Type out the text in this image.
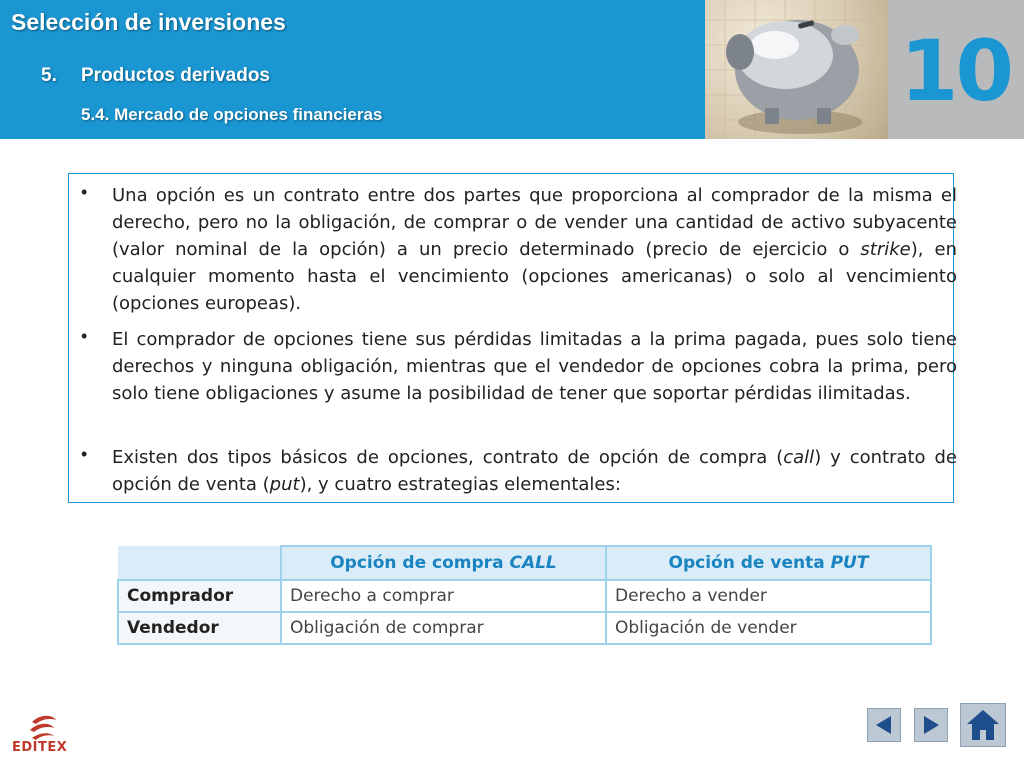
Selección de inversiones
5. Productos derivados
5.4. Mercado de opciones financieras	10
• Una opción es un contrato entre dos partes que proporciona al comprador de la misma el derecho, pero no la obligación, de comprar o de vender una cantidad de activo subyacente (valor nominal de la opción) a un precio determinado (precio de ejercicio o strike), en cualquier momento hasta el vencimiento (opciones americanas) o solo al vencimiento (opciones europeas).
• El comprador de opciones tiene sus pérdidas limitadas a la prima pagada, pues solo tiene derechos y ninguna obligación, mientras que el vendedor de opciones cobra la prima, pero solo tiene obligaciones y asume la posibilidad de tener que soportar pérdidas ilimitadas.
• Existen dos tipos básicos de opciones, contrato de opción de compra (call) y contrato de opción de venta (put), y cuatro estrategias elementales:
	Opción de compra CALL	Opción de venta PUT
Comprador	Derecho a comprar	Derecho a vender
Vendedor	Obligación de comprar	Obligación de vender
EDITEX
